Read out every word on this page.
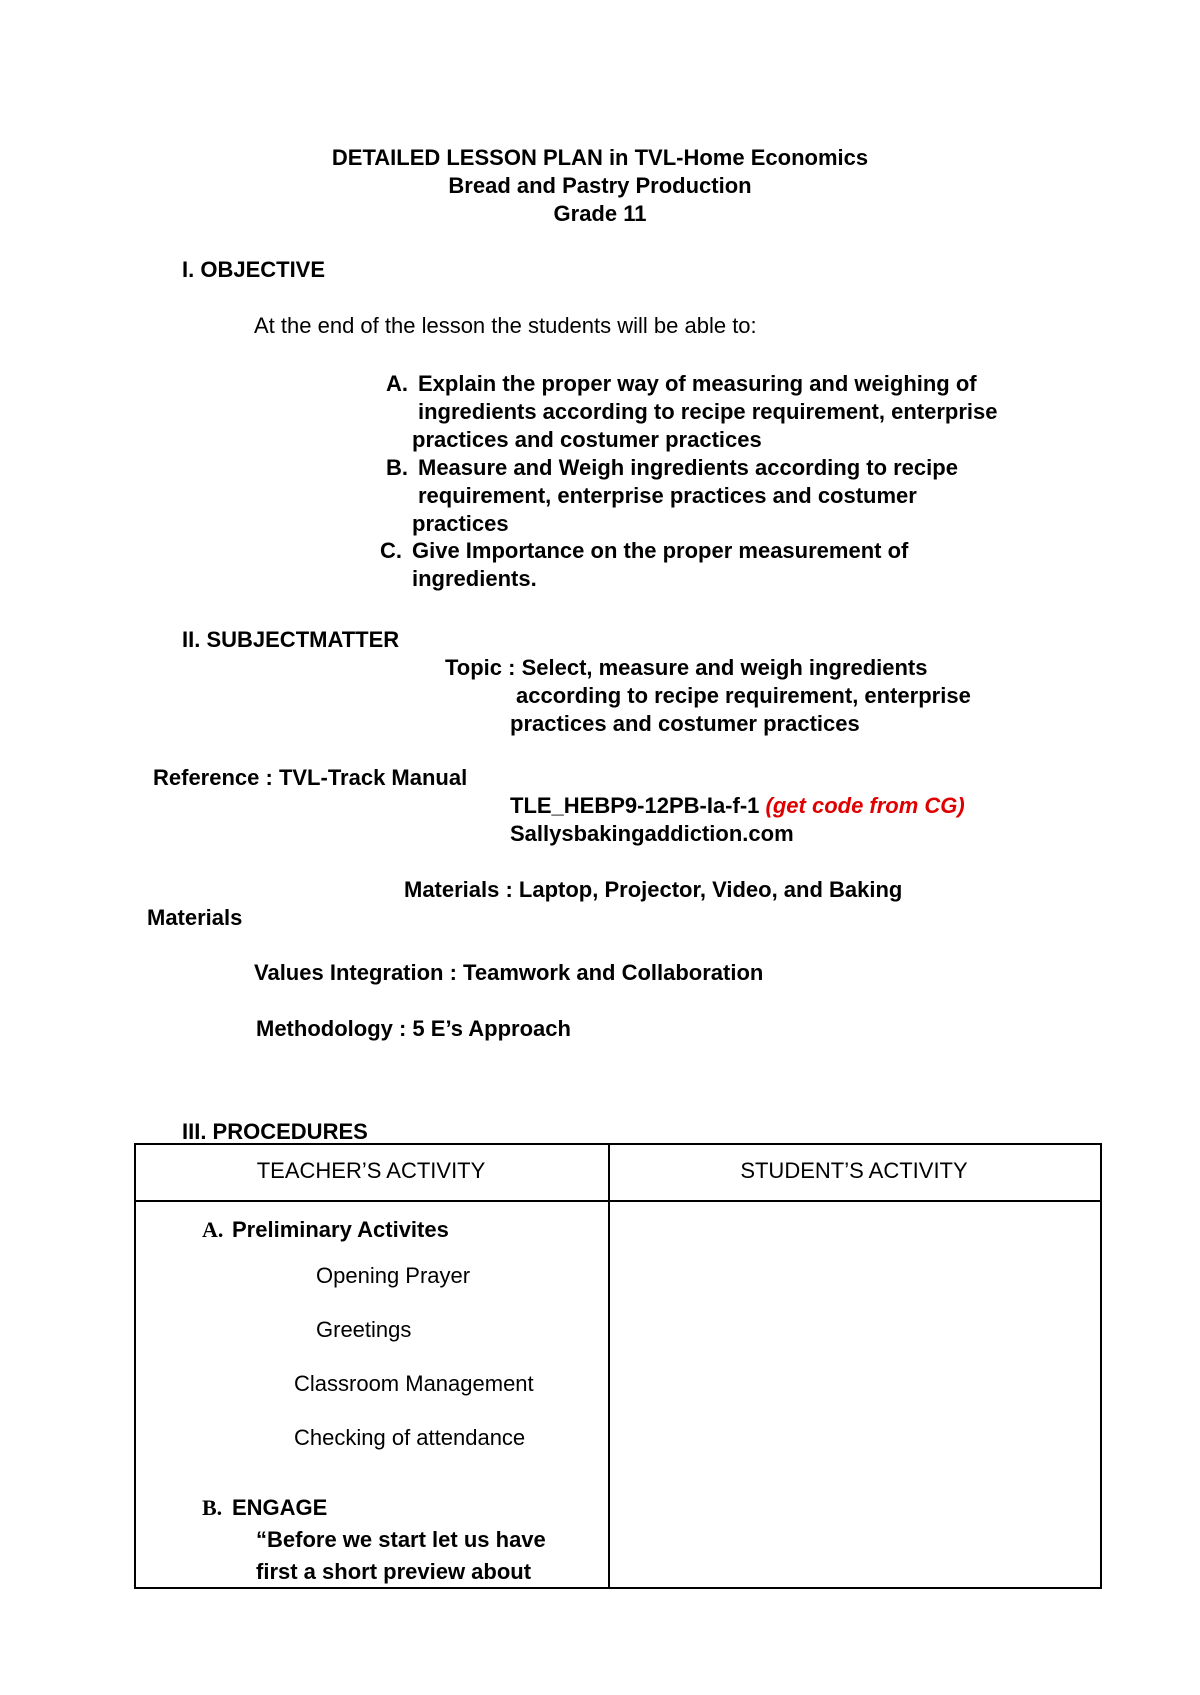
DETAILED LESSON PLAN in TVL-Home Economics
Bread and Pastry Production
Grade 11
I. OBJECTIVE
At the end of the lesson the students will be able to:
A. Explain the proper way of measuring and weighing of
ingredients according to recipe requirement, enterprise
practices and costumer practices
B. Measure and Weigh ingredients according to recipe
requirement, enterprise practices and costumer
practices
C. Give Importance on the proper measurement of
ingredients.
II. SUBJECTMATTER
Topic : Select, measure and weigh ingredients
according to recipe requirement, enterprise
practices and costumer practices
Reference : TVL-Track Manual
TLE_HEBP9-12PB-Ia-f-1 (get code from CG)
Sallysbakingaddiction.com
Materials : Laptop, Projector, Video, and Baking
Materials
Values Integration : Teamwork and Collaboration
Methodology : 5 E’s Approach
III. PROCEDURES
TEACHER’S ACTIVITY	STUDENT’S ACTIVITY
A. Preliminary Activites
Opening Prayer
Greetings
Classroom Management
Checking of attendance
B. ENGAGE
“Before we start let us have
first a short preview about
